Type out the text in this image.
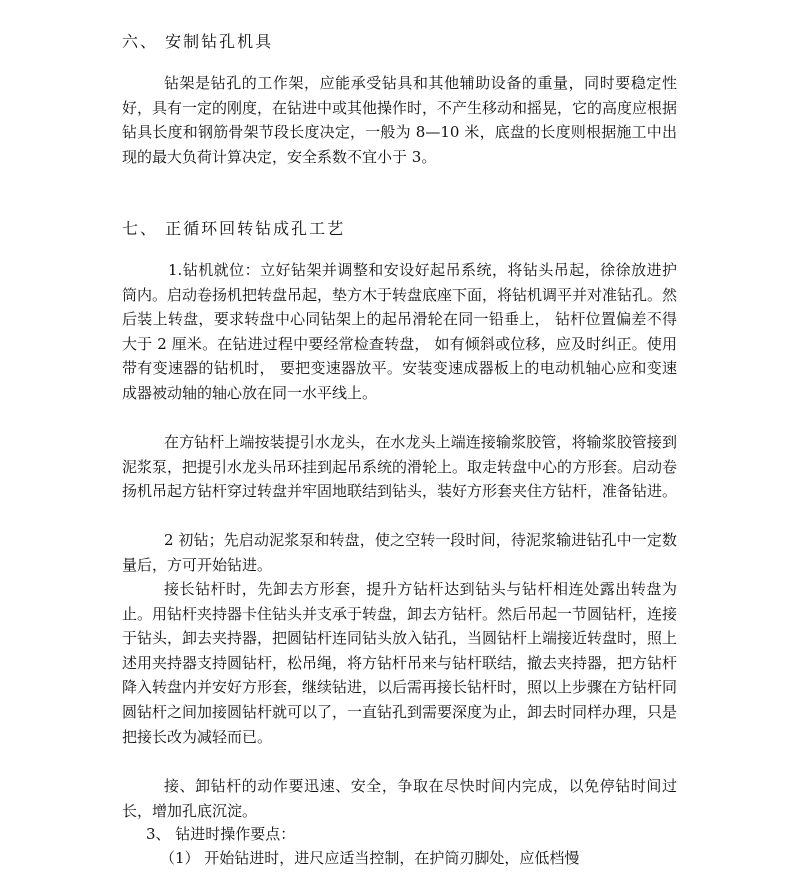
六、 安制钻孔机具
钻架是钻孔的工作架，应能承受钻具和其他辅助设备的重量，同时要稳定性好，具有一定的刚度，在钻进中或其他操作时，不产生移动和摇晃，它的高度应根据钻具长度和钢筋骨架节段长度决定，一般为 8—10 米，底盘的长度则根据施工中出现的最大负荷计算决定，安全系数不宜小于 3。
七、 正循环回转钻成孔工艺
1.钻机就位：立好钻架并调整和安设好起吊系统，将钻头吊起，徐徐放进护筒内。启动卷扬机把转盘吊起，垫方木于转盘底座下面，将钻机调平并对准钻孔。然后装上转盘，要求转盘中心同钻架上的起吊滑轮在同一铅垂上， 钻杆位置偏差不得大于 2 厘米。在钻进过程中要经常检查转盘， 如有倾斜或位移，应及时纠正。使用带有变速器的钻机时， 要把变速器放平。安装变速成器板上的电动机轴心应和变速成器被动轴的轴心放在同一水平线上。
在方钻杆上端按装提引水龙头，在水龙头上端连接输浆胶管，将输浆胶管接到泥浆泵，把提引水龙头吊环挂到起吊系统的滑轮上。取走转盘中心的方形套。启动卷扬机吊起方钻杆穿过转盘并牢固地联结到钻头，装好方形套夹住方钻杆，准备钻进。
2 初钻；先启动泥浆泵和转盘，使之空转一段时间，待泥浆输进钻孔中一定数量后，方可开始钻进。
接长钻杆时，先卸去方形套，提升方钻杆达到钻头与钻杆相连处露出转盘为止。用钻杆夹持器卡住钻头并支承于转盘，卸去方钻杆。然后吊起一节圆钻杆，连接于钻头，卸去夹持器，把圆钻杆连同钻头放入钻孔，当圆钻杆上端接近转盘时，照上述用夹持器支持圆钻杆，松吊绳，将方钻杆吊来与钻杆联结，撤去夹持器，把方钻杆降入转盘内并安好方形套，继续钻进，以后需再接长钻杆时，照以上步骤在方钻杆同圆钻杆之间加接圆钻杆就可以了，一直钻孔到需要深度为止，卸去时同样办理，只是把接长改为减轻而已。
接、卸钻杆的动作要迅速、安全，争取在尽快时间内完成，以免停钻时间过长，增加孔底沉淀。
3、 钻进时操作要点：
（1） 开始钻进时，进尺应适当控制，在护筒刃脚处，应低档慢
